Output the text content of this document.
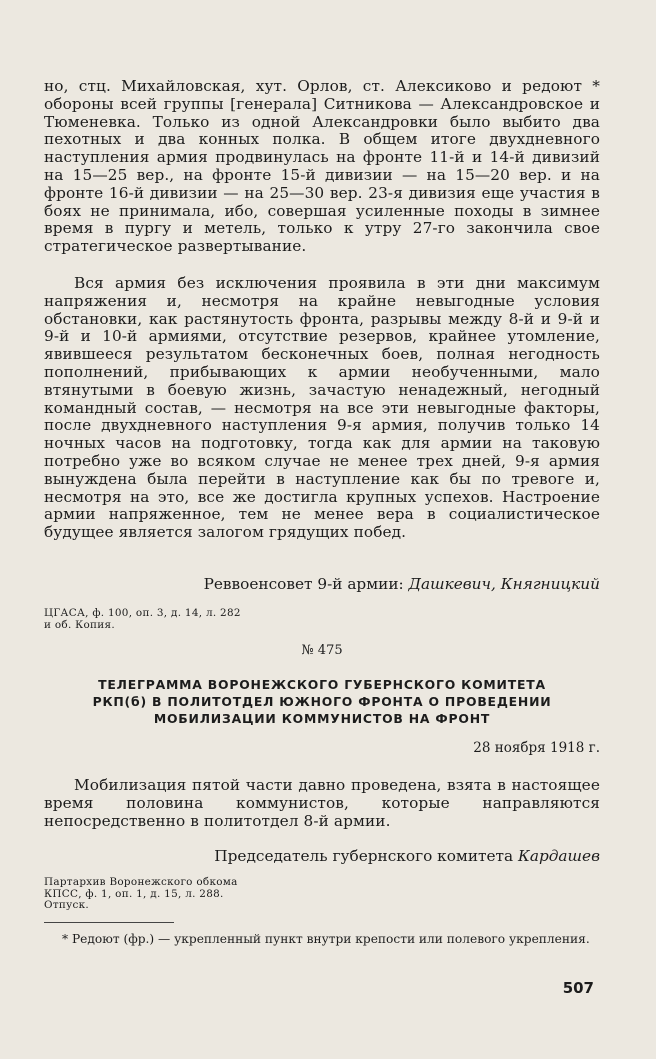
но, стц. Михайловская, хут. Орлов, ст. Алексиково и редоют * обороны всей группы [генерала] Ситникова — Александровское и Тюменевка. Только из одной Александровки было выбито два пехотных и два конных полка. В общем итоге двухдневного наступления армия продвинулась на фронте 11-й и 14-й дивизий на 15—25 вер., на фронте 15-й дивизии — на 15—20 вер. и на фронте 16-й дивизии — на 25—30 вер. 23-я дивизия еще участия в боях не принимала, ибо, совершая усиленные походы в зимнее время в пургу и метель, только к утру 27-го закончила свое стратегическое развертывание.

Вся армия без исключения проявила в эти дни максимум напряжения и, несмотря на крайне невыгодные условия обстановки, как растянутость фронта, разрывы между 8-й и 9-й и 9-й и 10-й армиями, отсутствие резервов, крайнее утомление, явившееся результатом бесконечных боев, полная негодность пополнений, прибывающих к армии необученными, мало втянутыми в боевую жизнь, зачастую ненадежный, негодный командный состав, — несмотря на все эти невыгодные факторы, после двухдневного наступления 9-я армия, получив только 14 ночных часов на подготовку, тогда как для армии на таковую потребно уже во всяком случае не менее трех дней, 9-я армия вынуждена была перейти в наступление как бы по тревоге и, несмотря на это, все же достигла крупных успехов. Настроение армии напряженное, тем не менее вера в социалистическое будущее является залогом грядущих побед.

Реввоенсовет 9-й армии: Дашкевич, Княгницкий

ЦГАСА, ф. 100, оп. 3, д. 14, л. 282
и об. Копия.

№ 475

ТЕЛЕГРАММА ВОРОНЕЖСКОГО ГУБЕРНСКОГО КОМИТЕТА
РКП(б) В ПОЛИТОТДЕЛ ЮЖНОГО ФРОНТА О ПРОВЕДЕНИИ
МОБИЛИЗАЦИИ КОММУНИСТОВ НА ФРОНТ

28 ноября 1918 г.

Мобилизация пятой части давно проведена, взята в настоящее время половина коммунистов, которые направляются непосредственно в политотдел 8-й армии.

Председатель губернского комитета Кардашев

Партархив Воронежского обкома
КПСС, ф. 1, оп. 1, д. 15, л. 288.
Отпуск.

* Редоют (фр.) — укрепленный пункт внутри крепости или полевого укрепления.

507
